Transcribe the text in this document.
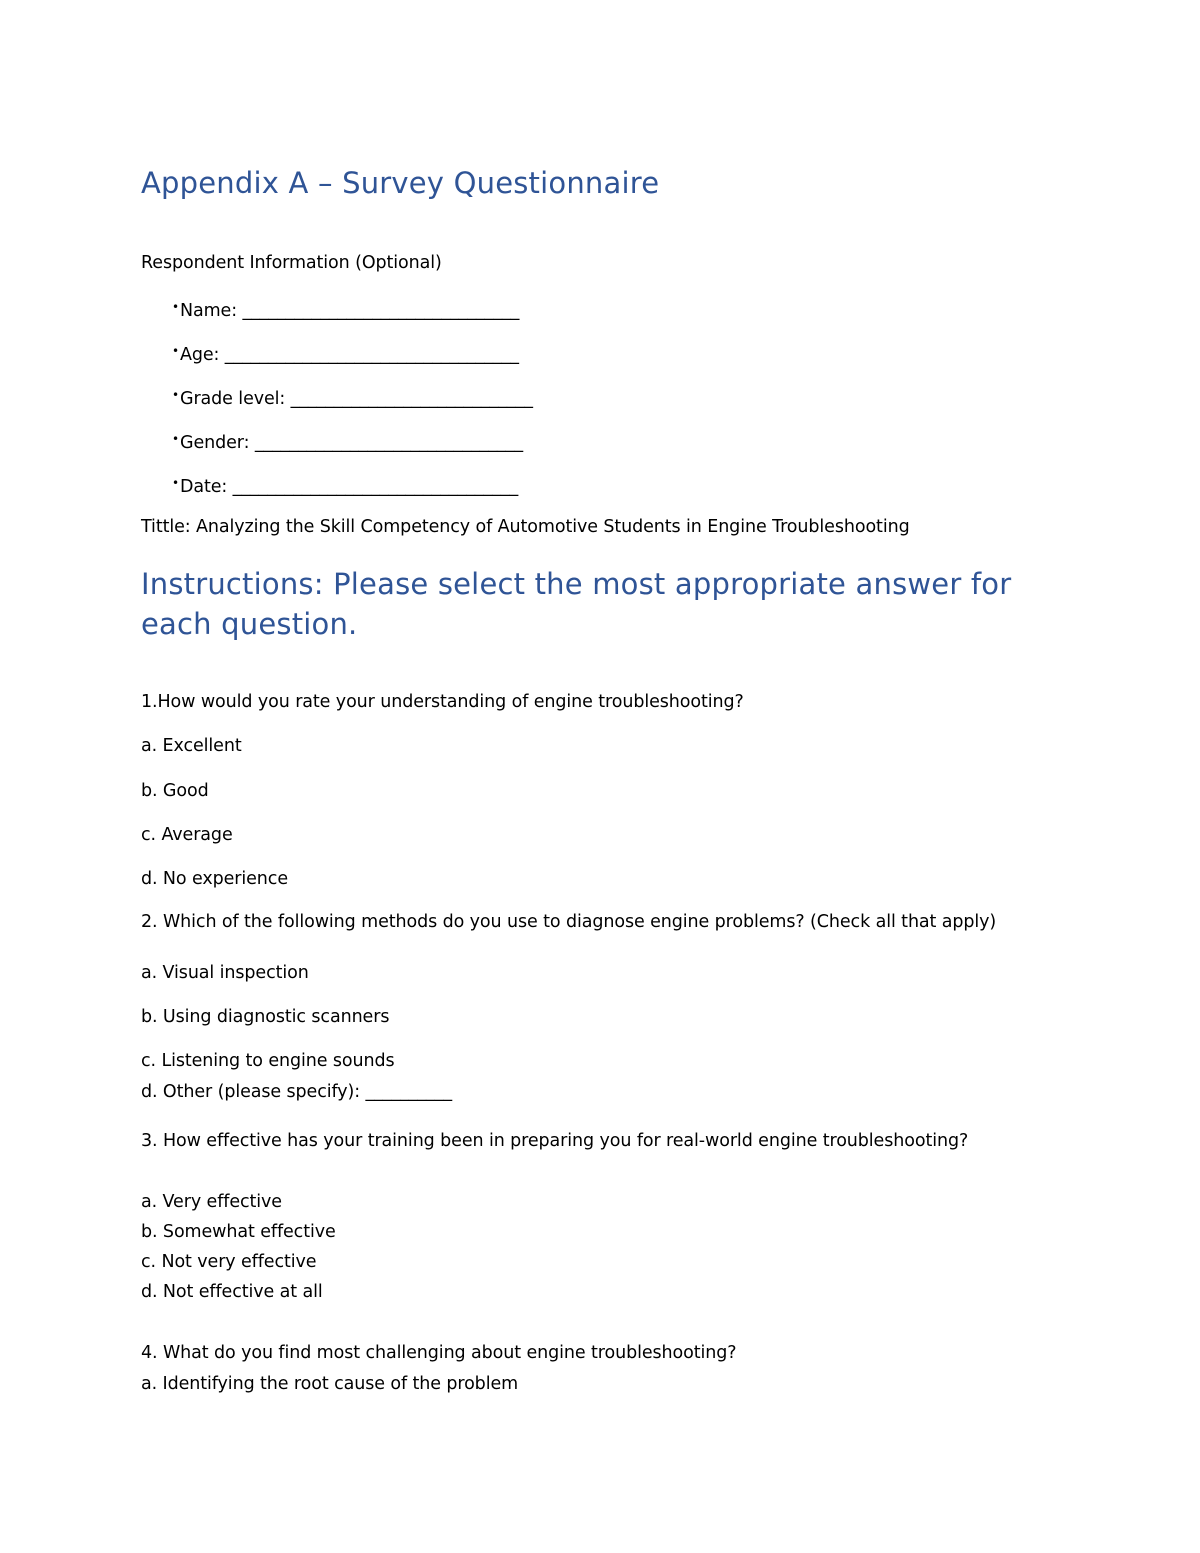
Appendix A – Survey Questionnaire
Respondent Information (Optional)
•Name: ________________________________
•Age: __________________________________
•Grade level: ____________________________
•Gender: _______________________________
•Date: _________________________________
Tittle: Analyzing the Skill Competency of Automotive Students in Engine Troubleshooting
Instructions: Please select the most appropriate answer for each question.
1.How would you rate your understanding of engine troubleshooting?
a. Excellent
b. Good
c. Average
d. No experience
2. Which of the following methods do you use to diagnose engine problems? (Check all that apply)
a. Visual inspection
b. Using diagnostic scanners
c. Listening to engine sounds
d. Other (please specify): __________
3. How effective has your training been in preparing you for real-world engine troubleshooting?
a. Very effective
b. Somewhat effective
c. Not very effective
d. Not effective at all
4. What do you find most challenging about engine troubleshooting?
a. Identifying the root cause of the problem
